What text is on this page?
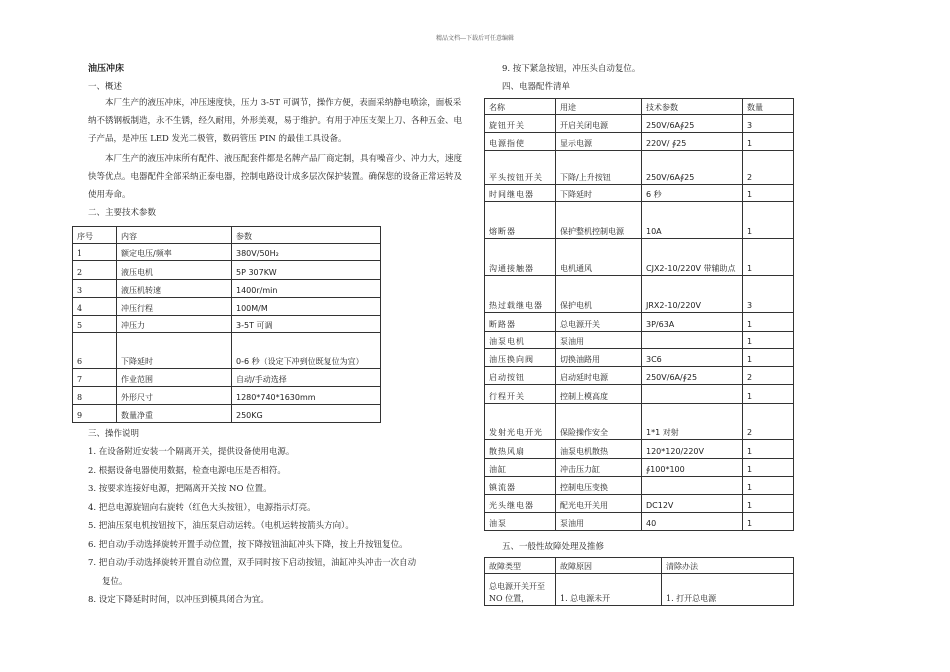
精品文档---下载后可任意编辑
油压冲床
一、概述
本厂生产的液压冲床，冲压速度快，压力 3-5T 可调节，操作方便，表面采纳静电喷涂，面板采纳不锈钢板制造，永不生锈，经久耐用，外形美观，易于维护。有用于冲压支架上刀、各种五金、电子产品，是冲压 LED 发光二极管，数码管压 PIN 的最佳工具设备。
本厂生产的液压冲床所有配件、液压配套件都是名牌产品厂商定制，具有噪音少、冲力大，速度快等优点。电器配件全部采纳正泰电器，控制电路设计成多层次保护装置。确保您的设备正常运转及使用寿命。
二、主要技术参数
序号	内容	参数
1	额定电压/频率	380V/50H₂
2	液压电机	5P 307KW
3	液压机转速	1400r/min
4	冲压行程	100M/M
5	冲压力	3-5T 可调
6	下降延时	0-6 秒（设定下冲到位既复位为宜）
7	作业范围	自动/手动选择
8	外形尺寸	1280*740*1630mm
9	数量净重	250KG
三、操作说明
1. 在设备附近安装一个隔离开关，提供设备使用电源。
2. 根据设备电器使用数据，检查电源电压是否相符。
3. 按要求连接好电源，把隔离开关按 NO 位置。
4. 把总电源旋钮向右旋转（红色大头按钮），电源指示灯亮。
5. 把油压泵电机按钮按下，油压泵启动运转。（电机运转按箭头方向）。
6. 把自动/手动选择旋转开置手动位置，按下降按钮油缸冲头下降，按上升按钮复位。
7. 把自动/手动选择旋转开置自动位置，双手同时按下启动按钮，油缸冲头冲击一次自动
复位。
8. 设定下降延时时间，以冲压到模具闭合为宜。
9. 按下紧急按钮，冲压头自动复位。
四、电器配件清单
名称	用途	技术参数	数量
旋钮开关	开启关闭电源	250V/6A∮25	3
电源指使	显示电源	220V/ ∮25	1
平头按钮开关	下降/上升按钮	250V/6A∮25	2
时间继电器	下降延时	6 秒	1
熔断器	保护整机控制电源	10A	1
沟通接触器	电机通风	CJX2-10/220V 带辅助点	1
热过载继电器	保护电机	JRX2-10/220V	3
断路器	总电源开关	3P/63A	1
油泵电机	泵油用		1
油压换向阀	切换油路用	3C6	1
启动按钮	启动延时电源	250V/6A/∮25	2
行程开关	控制上模高度		1
发射光电开光	保险操作安全	1*1 对射	2
散热风扇	油泵电机散热	120*120/220V	1
油缸	冲击压力缸	∮100*100	1
镇流器	控制电压变换		1
光头继电器	配光电开关用	DC12V	1
油泵	泵油用	40	1
五、一般性故障处理及推修
故障类型	故障原因	清除办法
总电源开关开至 NO 位置，	1. 总电源未开	1. 打开总电源
